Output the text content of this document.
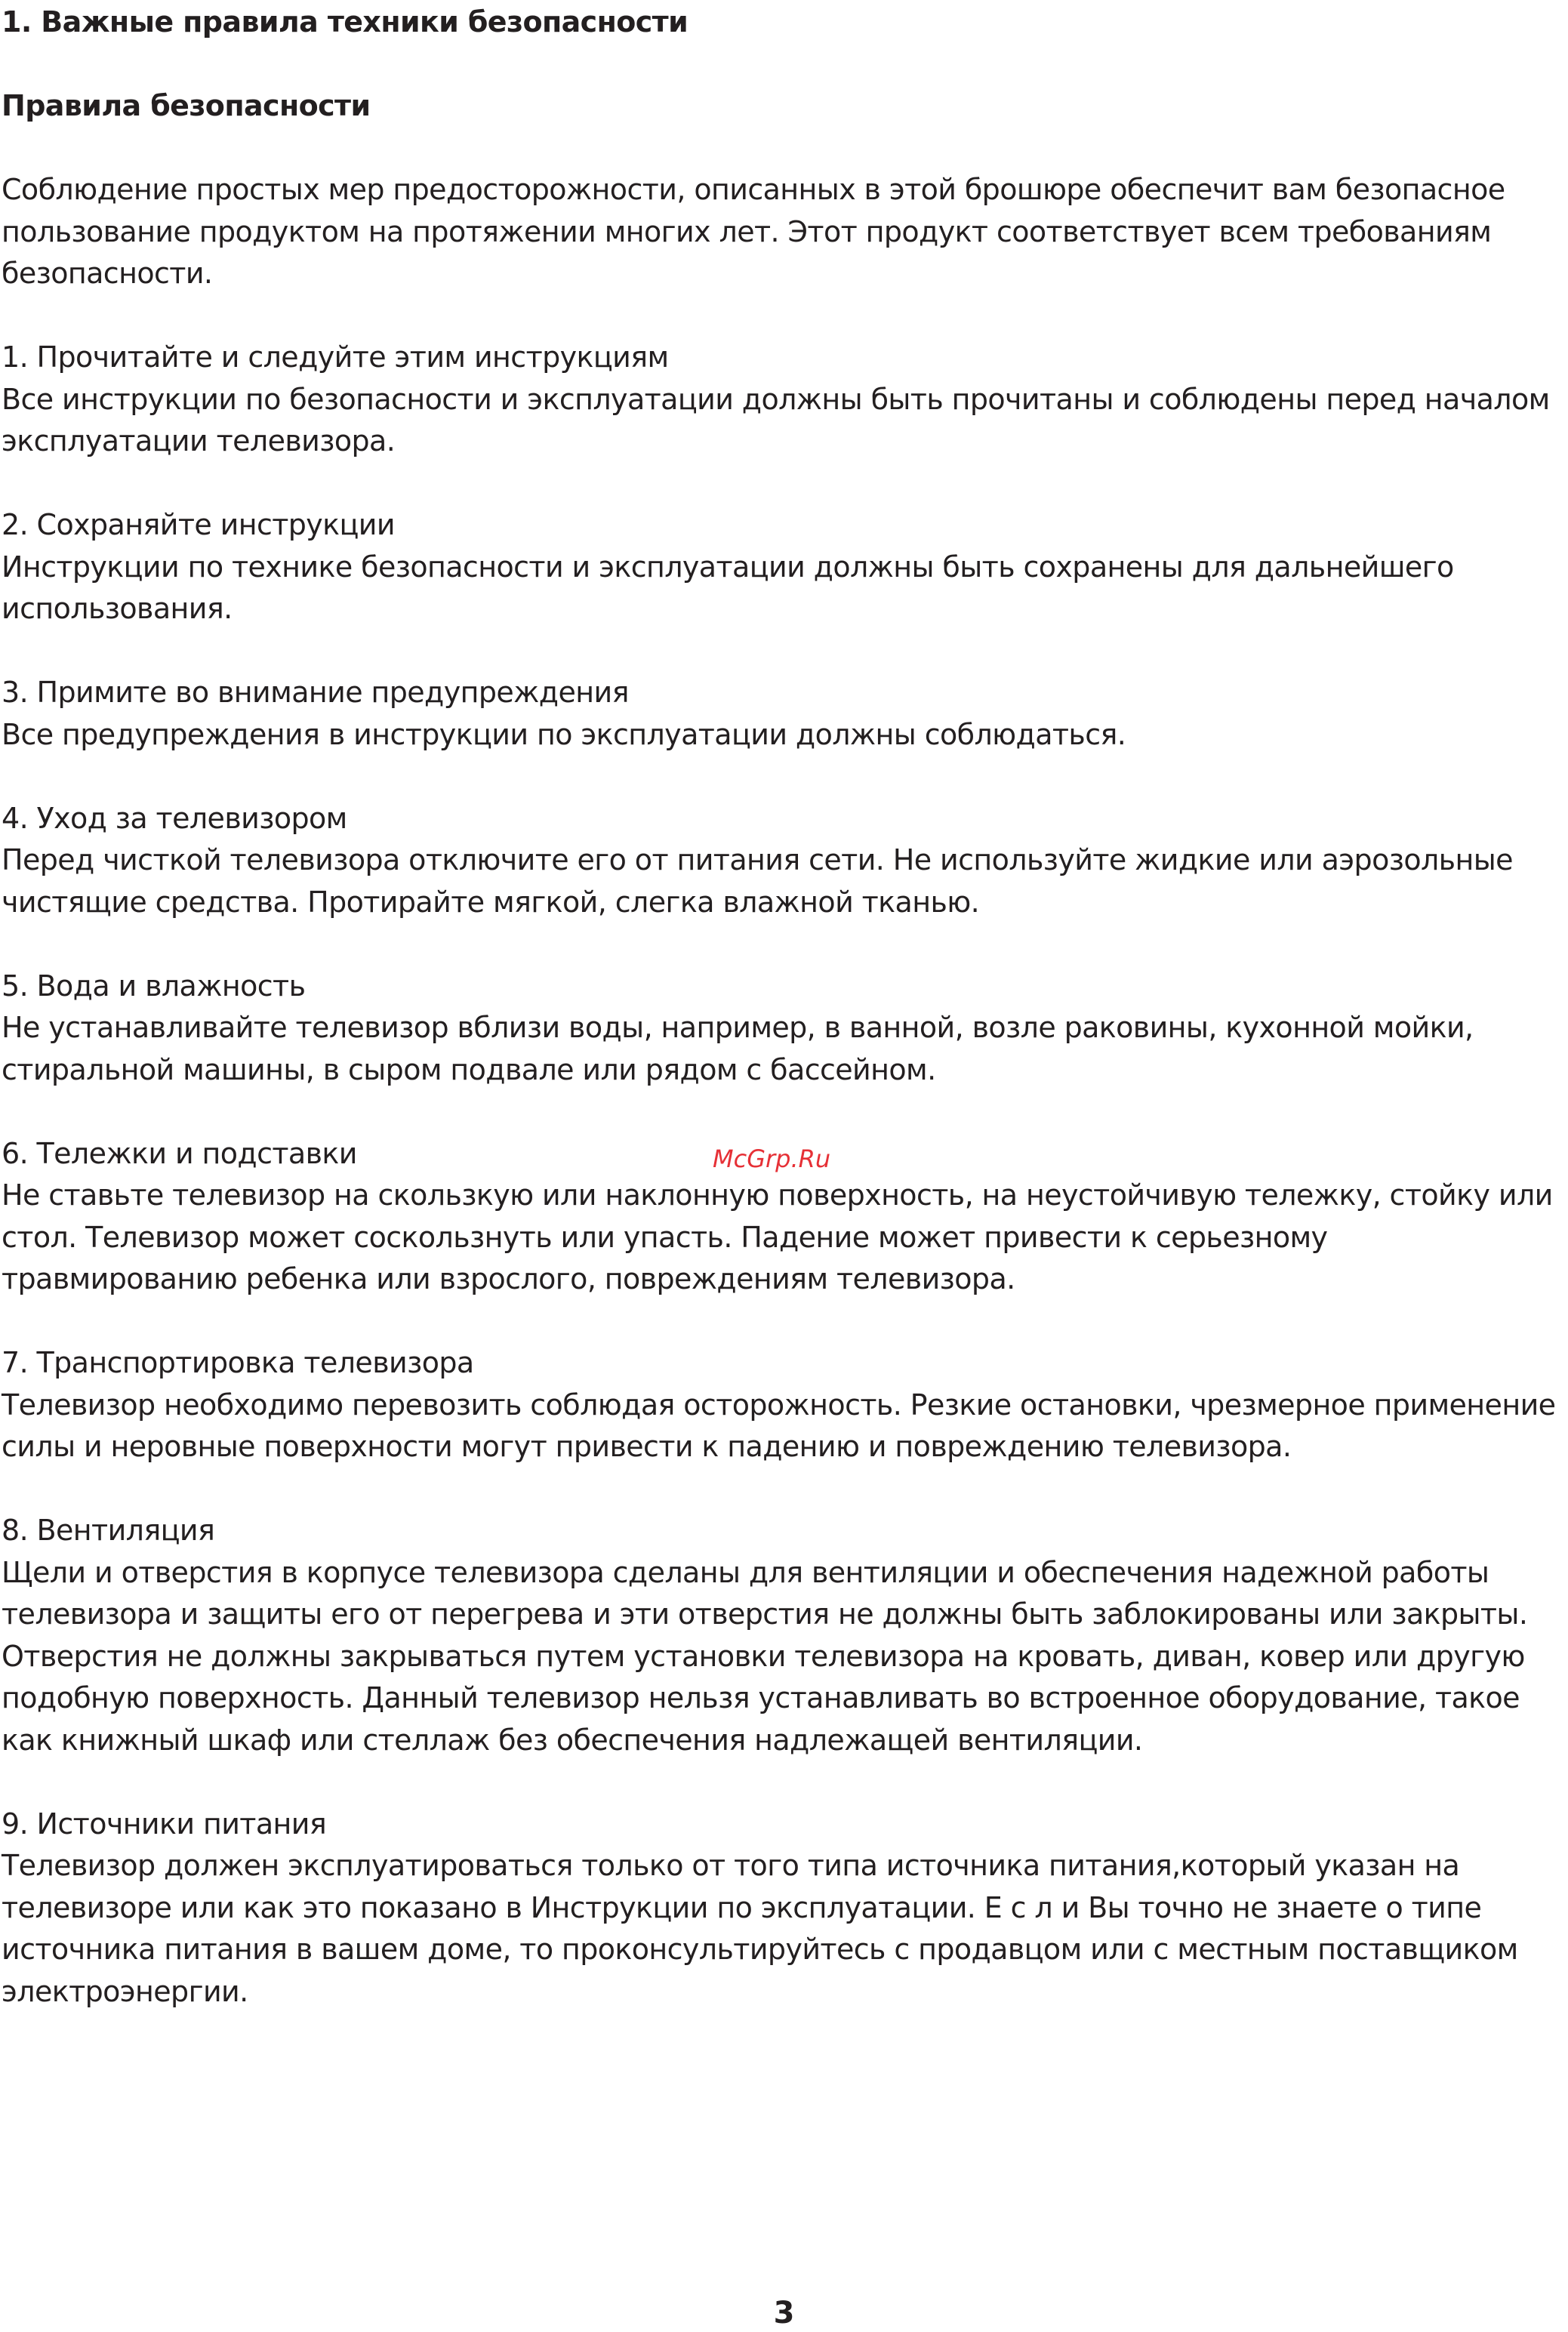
1. Важные правила техники безопасности

Правила безопасности

Соблюдение простых мер предосторожности, описанных в этой брошюре обеспечит вам безопасное пользование продуктом на протяжении многих лет. Этот продукт соответствует всем требованиям безопасности.

1. Прочитайте и следуйте этим инструкциям
Все инструкции по безопасности и эксплуатации должны быть прочитаны и соблюдены перед началом эксплуатации телевизора.
2. Сохраняйте инструкции
Инструкции по технике безопасности и эксплуатации должны быть сохранены для дальнейшего использования.
3. Примите во внимание предупреждения
Все предупреждения в инструкции по эксплуатации должны соблюдаться.
4. Уход за телевизором
Перед чисткой телевизора отключите его от питания сети. Не используйте жидкие или аэрозольные чистящие средства. Протирайте мягкой, слегка влажной тканью.
5. Вода и влажность
Не устанавливайте телевизор вблизи воды, например, в ванной, возле раковины, кухонной мойки, стиральной машины, в сыром подвале или рядом с бассейном.
6. Тележки и подставки
Не ставьте телевизор на скользкую или наклонную поверхность, на неустойчивую тележку, стойку или стол. Телевизор может соскользнуть или упасть. Падение может привести к серьезному травмированию ребенка или взрослого, повреждениям телевизора.
7. Транспортировка телевизора
Телевизор необходимо перевозить соблюдая осторожность. Резкие остановки, чрезмерное применение силы и неровные поверхности могут привести к падению и повреждению телевизора.
8. Вентиляция
Щели и отверстия в корпусе телевизора сделаны для вентиляции и обеспечения надежной работы телевизора и защиты его от перегрева и эти отверстия не должны быть заблокированы или закрыты. Отверстия не должны закрываться путем установки телевизора на кровать, диван, ковер или другую подобную поверхность. Данный телевизор нельзя устанавливать во встроенное оборудование, такое как книжный шкаф или стеллаж без обеспечения надлежащей вентиляции.
9. Источники питания
Телевизор должен эксплуатироваться только от того типа источника питания,который указан на телевизоре или как это показано в Инструкции по эксплуатации. Е с л и Вы точно не знаете о типе источника питания в вашем доме, то проконсультируйтесь с продавцом или с местным поставщиком электроэнергии.
McGrp.Ru
3
